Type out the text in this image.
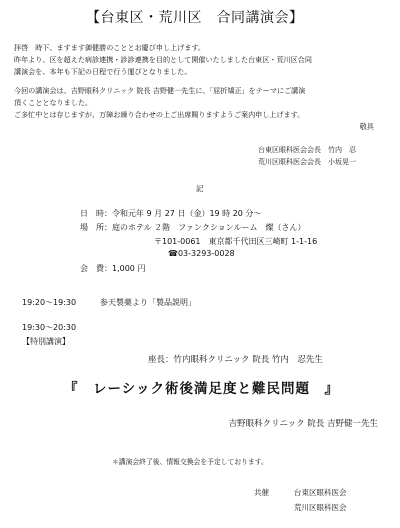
【台東区・荒川区　合同講演会】
拝啓　時下、ますます御健勝のこととお慶び申し上げます。
昨年より、区を超えた病診連携・診診連携を目的として開催いたしました台東区・荒川区合同
講演会を、本年も下記の日程で行う運びとなりました。
今回の講演会は、吉野眼科クリニック 院長 吉野健一先生に、「屈折矯正」をテーマにご講演
頂くこととなりました。
ご多忙中とは存じますが、万障お繰り合わせの上ご出席賜りますようご案内申し上げます。
敬具
台東区眼科医会会長　竹内　忍
荒川区眼科医会会長　小坂晃一
記
日　時：令和元年 9 月 27 日（金）19 時 20 分～
場　所：庭のホテル ２階　ファンクションルーム　燦（さん）
〒101-0061　東京都千代田区三崎町 1-1-16
☎03-3293-0028
会　費：1,000 円
19:20～19:30	参天製薬より「製品説明」
19:30～20:30
【特別講演】
座長：竹内眼科クリニック 院長 竹内　忍先生
『　レーシック術後満足度と難民問題　』
吉野眼科クリニック 院長 吉野健一先生
＊講演会終了後、情報交換会を予定しております。
共催	台東区眼科医会
荒川区眼科医会
